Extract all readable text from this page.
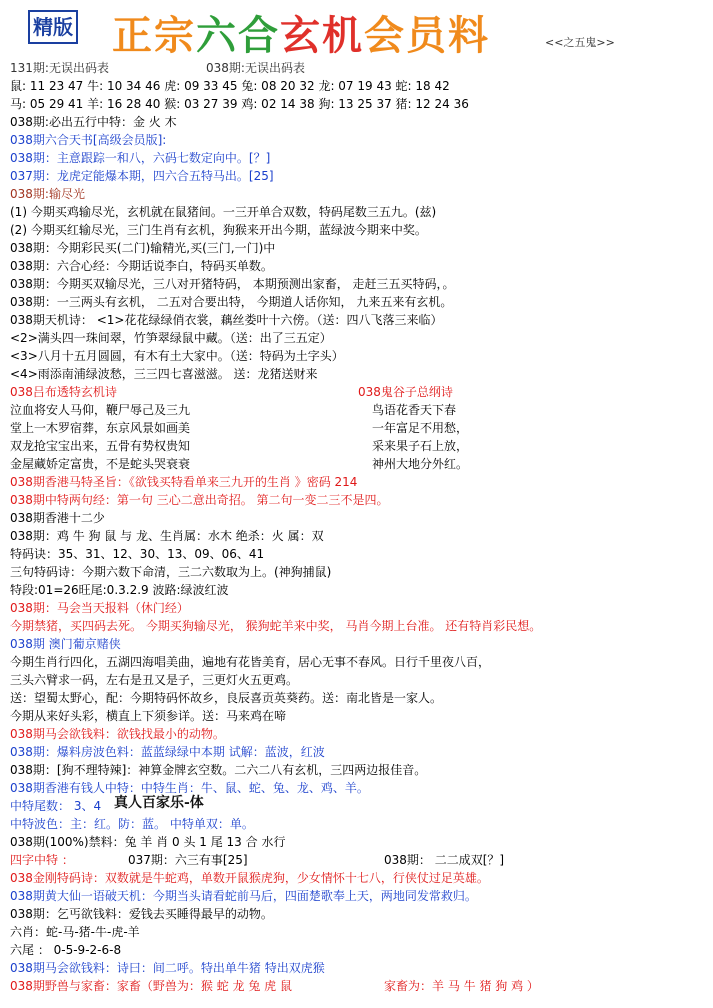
精版 正宗六合玄机会员料	<<之五鬼>>
131期:无误出码表	038期:无误出码表
鼠: 11 23 47 牛: 10 34 46 虎: 09 33 45 兔: 08 20 32 龙: 07 19 43 蛇: 18 42
马: 05 29 41 羊: 16 28 40 猴: 03 27 39 鸡: 02 14 38 狗: 13 25 37 猪: 12 24 36
038期:必出五行中特：金 火 木
038期六合天书[高级会员版]:
038期：主意跟踪一和八，六码七数定向中。[？]
037期：龙虎定能爆本期，四六合五特马出。[25]
038期:输尽光
(1) 今期买鸡输尽光，玄机就在鼠猪间。一三开单合双数，特码尾数三五九。(兹)
(2) 今期买红输尽光，三门生肖有玄机，狗猴来开出今期，蓝绿波今期来中奖。
038期：今期彩民买(二门)输精光,买(三门,一门)中
038期：六合心经：今期话说李白，特码买单数。
038期：今期买双输尽光，三八对开猪特码， 本期预测出家畜， 走赶三五买特码，。
038期：一三两头有玄机， 二五对合要出特， 今期道人话你知， 九来五来有玄机。
038期天机诗： <1>花花绿绿俏衣裳，藕丝娄叶十六傍。（送：四八飞落三来临）
<2>满头四一珠间翠，竹笋翠绿鼠中藏。（送：出了三五定）
<3>八月十五月圆圆，有木有土大家中。（送：特码为土字头）
<4>雨添南浦绿波愁，三三四七喜滋滋。 送：龙猪送财来
038吕布透特玄机诗	038鬼谷子总纲诗
泣血将安人马仰，鞭尸辱己及三九	鸟语花香天下春
堂上一木罗宿葬，东京风景如画美	一年富足不用愁，
双龙抢宝宝出来，五骨有势权贵知	采来果子石上放，
金屋藏娇定富贵，不是蛇头哭衰衰	神州大地分外红。
038期香港马特圣旨：《欲钱买特看单来三九开的生肖 》密码 214
038期中特两句经：第一句 三心二意出奇招。 第二句一变二三不是四。
038期香港十二少
038期：鸡 牛 狗 鼠 与 龙、生肖属：水木 绝杀：火 属：双
特码诀：35、31、12、30、13、09、06、41
三句特码诗：今期六数下命清，三二六数取为上。(神狗捕鼠)
特段:01=26旺尾:0.3.2.9 波路:绿波红波
038期：马会当天报料（休门经）
今期禁猪，买四码去死。 今期买狗输尽光， 猴狗蛇羊来中奖， 马肖今期上台准。 还有特肖彩民想。
038期 澳门葡京赌侠
今期生肖行四化，五湖四海唱美曲，遍地有花皆美育，居心无事不春风。日行千里夜八百，
三头六臂求一码，左右是丑又是子，三更灯火五更鸡。
送：望蜀太野心，配：今期特码怀故乡，良辰喜贡英葵药。送：南北皆是一家人。
今期从来好头彩，横直上下须参详。送：马来鸡在啼
038期马会欲钱料：欲钱找最小的动物。
038期：爆料房波色料：蓝蓝绿绿中本期 试解：蓝波，红波
038期：[狗不理特辣]：神算金牌玄空数。二六二八有玄机，三四两边报佳音。
038期香港有钱人中特：中特生肖：牛、鼠、蛇、兔、龙、鸡、羊。
中特尾数： 3、4
中特波色：主：红。防：蓝。 中特单双：单。
038期(100%)禁料：兔 羊 肖 0 头 1 尾 13 合 水行
四字中特 ：	037期：六三有事[25]	038期： 二二成双[？]
038金刚特码诗：双数就是牛蛇鸡，单数开鼠猴虎狗，少女情怀十七八，行侠仗过足英雄。
038期黄大仙一语破天机：今期当头请看蛇前马后，四面楚歌奉上天，两地同发常救归。
038期：乞丐欲钱料：爱钱去买睡得最早的动物。
六肖：蛇-马-猪-牛-虎-羊
六尾 ： 0-5-9-2-6-8
038期马会欲钱料：诗曰：间二呼。特出单牛猪 特出双虎猴
038期野兽与家畜：家畜（野兽为：猴 蛇 龙 兔 虎 鼠	家畜为：羊 马 牛 猪 狗 鸡 ）
真人百家乐-体
